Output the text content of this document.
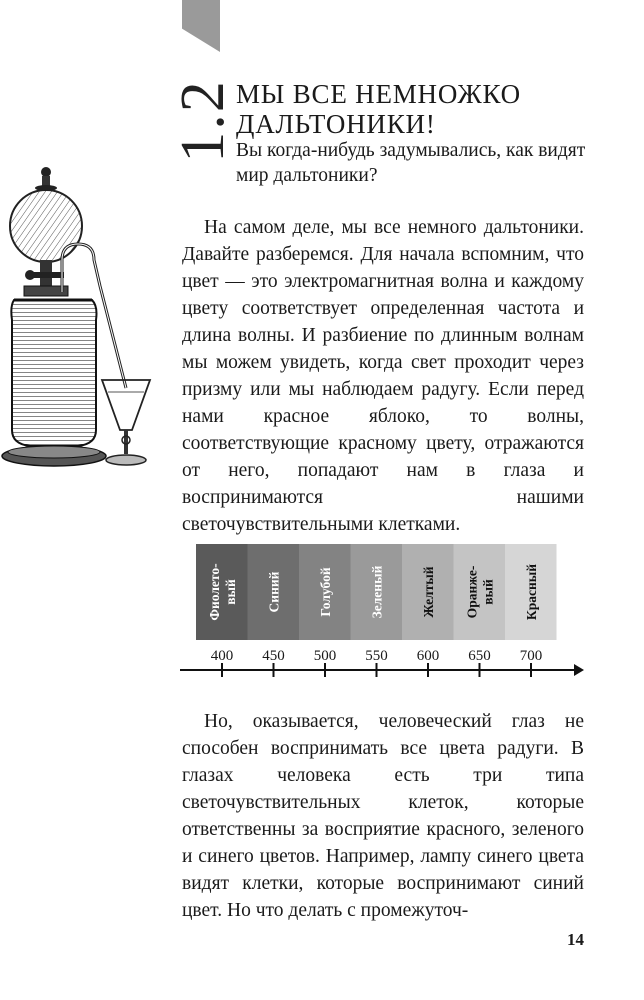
1.2 МЫ ВСЕ НЕМНОЖКО ДАЛЬТОНИКИ!

Вы когда-нибудь задумывались, как видят мир дальтоники?

На самом деле, мы все немного дальтоники. Давайте разберемся. Для начала вспомним, что цвет — это электромагнитная волна и каждому цвету соответствует определенная частота и длина волны. И разбиение по длинным волнам мы можем увидеть, когда свет проходит через призму или мы наблюдаем радугу. Если перед нами красное яблоко, то волны, соответствующие красному цвету, отражаются от него, попадают нам в глаза и воспринимаются нашими светочувствительными клетками.

Фиолето-вый Синий	Голубой	Зеленый	Желтый Оранже-вый Красный
400 450 500 550 600 650 700

Но, оказывается, человеческий глаз не способен воспринимать все цвета радуги. В глазах человека есть три типа светочувствительных клеток, которые ответственны за восприятие красного, зеленого и синего цветов. Например, лампу синего цвета видят клетки, которые воспринимают синий цвет. Но что делать с промежуточ-

14
